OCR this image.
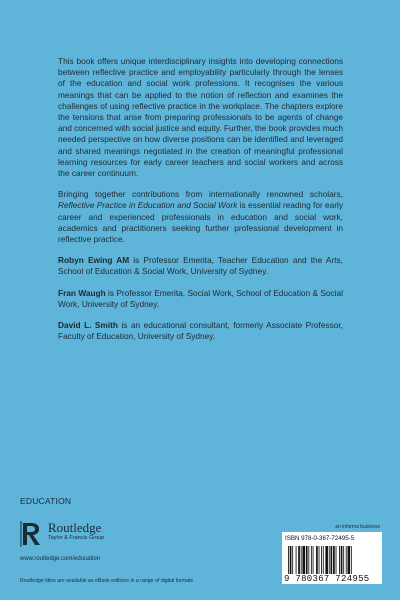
This book offers unique interdisciplinary insights into developing connections between reflective practice and employability particularly through the lenses of the education and social work professions. It recognises the various meanings that can be applied to the notion of reflection and examines the challenges of using reflective practice in the workplace. The chapters explore the tensions that arise from preparing professionals to be agents of change and concerned with social justice and equity. Further, the book provides much needed perspective on how diverse positions can be identified and leveraged and shared meanings negotiated in the creation of meaningful professional learning resources for early career teachers and social workers and across the career continuum.

Bringing together contributions from internationally renowned scholars, Reflective Practice in Education and Social Work is essential reading for early career and experienced professionals in education and social work, academics and practitioners seeking further professional development in reflective practice.

Robyn Ewing AM is Professor Emerita, Teacher Education and the Arts, School of Education & Social Work, University of Sydney.

Fran Waugh is Professor Emerita, Social Work, School of Education & Social Work, University of Sydney.

David L. Smith is an educational consultant, formerly Associate Professor, Faculty of Education, University of Sydney.

EDUCATION
Routledge
Taylor & Francis Group
www.routledge.com/education
Routledge titles are available as eBook editions in a range of digital formats
an informa business
ISBN 978-0-367-72495-5
9 780367 724955
